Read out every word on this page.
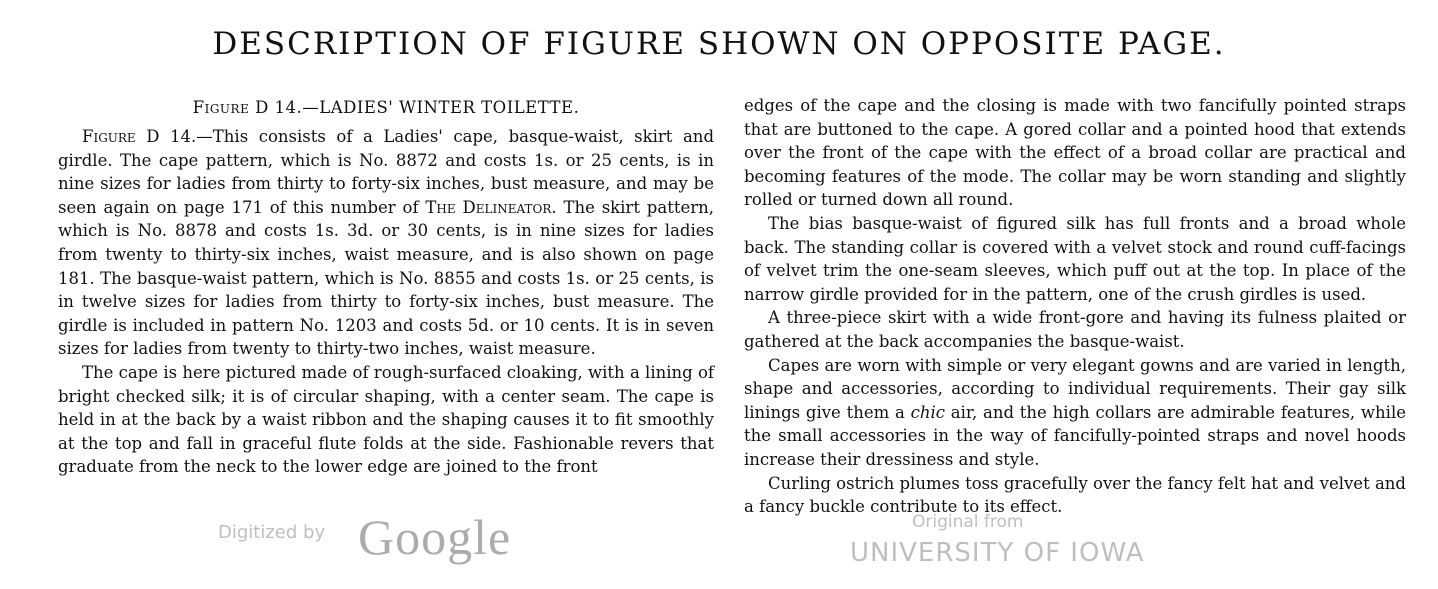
DESCRIPTION OF FIGURE SHOWN ON OPPOSITE PAGE.

Figure D 14.—LADIES' WINTER TOILETTE.

Figure D 14.—This consists of a Ladies' cape, basque-waist, skirt and girdle. The cape pattern, which is No. 8872 and costs 1s. or 25 cents, is in nine sizes for ladies from thirty to forty-six inches, bust measure, and may be seen again on page 171 of this number of The Delineator. The skirt pattern, which is No. 8878 and costs 1s. 3d. or 30 cents, is in nine sizes for ladies from twenty to thirty-six inches, waist measure, and is also shown on page 181. The basque-waist pattern, which is No. 8855 and costs 1s. or 25 cents, is in twelve sizes for ladies from thirty to forty-six inches, bust measure. The girdle is included in pattern No. 1203 and costs 5d. or 10 cents. It is in seven sizes for ladies from twenty to thirty-two inches, waist measure.

The cape is here pictured made of rough-surfaced cloaking, with a lining of bright checked silk; it is of circular shaping, with a center seam. The cape is held in at the back by a waist ribbon and the shaping causes it to fit smoothly at the top and fall in graceful flute folds at the side. Fashionable revers that graduate from the neck to the lower edge are joined to the front

edges of the cape and the closing is made with two fancifully pointed straps that are buttoned to the cape. A gored collar and a pointed hood that extends over the front of the cape with the effect of a broad collar are practical and becoming features of the mode. The collar may be worn standing and slightly rolled or turned down all round.

The bias basque-waist of figured silk has full fronts and a broad whole back. The standing collar is covered with a velvet stock and round cuff-facings of velvet trim the one-seam sleeves, which puff out at the top. In place of the narrow girdle provided for in the pattern, one of the crush girdles is used.

A three-piece skirt with a wide front-gore and having its fulness plaited or gathered at the back accompanies the basque-waist.

Capes are worn with simple or very elegant gowns and are varied in length, shape and accessories, according to individual requirements. Their gay silk linings give them a chic air, and the high collars are admirable features, while the small accessories in the way of fancifully-pointed straps and novel hoods increase their dressiness and style.

Curling ostrich plumes toss gracefully over the fancy felt hat and velvet and a fancy buckle contribute to its effect.

Digitized by Google	Original from
UNIVERSITY OF IOWA
